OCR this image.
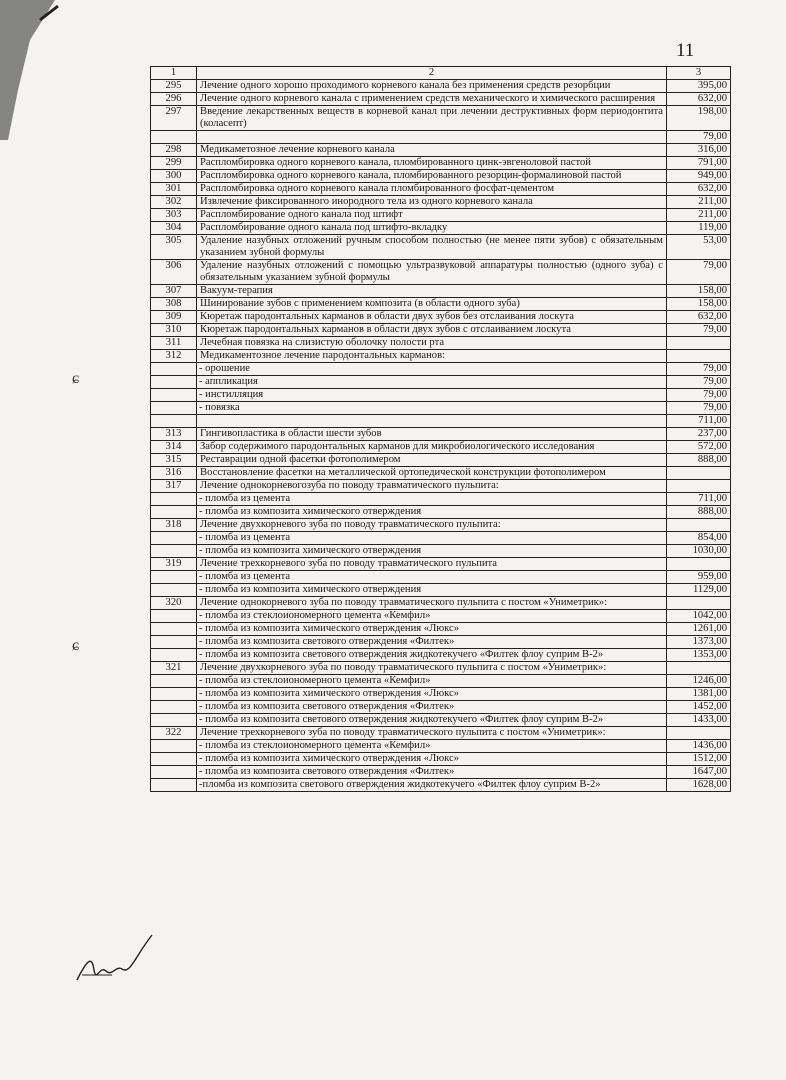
11
1	2	3
295	Лечение одного хорошо проходимого корневого канала без применения средств резорбции	395,00
296	Лечение одного корневого канала с применением средств механического и химического расширения	632,00
297	Введение лекарственных веществ в корневой канал при лечении деструктивных форм периодонтита (коласепт)	198,00
		79,00
298	Медикаметозное лечение корневого канала	316,00
299	Распломбировка одного корневого канала, пломбированного цинк-эвгеноловой пастой	791,00
300	Распломбировка одного корневого канала, пломбированного резорцин-формалиновой пастой	949,00
301	Распломбировка одного корневого канала пломбированного фосфат-цементом	632,00
302	Извлечение фиксированного инородного тела из одного корневого канала	211,00
303	Распломбирование одного канала под штифт	211,00
304	Распломбирование одного канала под штифто-вкладку	119,00
305	Удаление назубных отложений ручным способом полностью (не менее пяти зубов) с обязательным указанием зубной формулы	53,00
306	Удаление назубных отложений с помощью ультразвуковой аппаратуры полностью (одного зуба) с обязательным указанием зубной формулы	79,00
307	Вакуум-терапия	158,00
308	Шинирование зубов с применением композита (в области одного зуба)	158,00
309	Кюретаж пародонтальных карманов в области двух зубов без отслаивания лоскута	632,00
310	Кюретаж пародонтальных карманов в области двух зубов с отслаиванием лоскута	79,00
311	Лечебная повязка на слизистую оболочку полости рта	
312	Медикаментозное лечение пародонтальных карманов:	
	- орошение	79,00
	- аппликация	79,00
	- инстилляция	79,00
	- повязка	79,00
		711,00
313	Гингивопластика в области шести зубов	237,00
314	Забор содержимого пародонтальных карманов для микробиологического исследования	572,00
315	Реставрации одной фасетки фотополимером	888,00
316	Восстановление фасетки на металлической ортопедической конструкции фотополимером	
317	Лечение однокорневогозуба по поводу травматического пульпита:	
	- пломба из цемента	711,00
	- пломба из композита химического отверждения	888,00
318	Лечение двухкорневого зуба по поводу травматического пульпита:	
	- пломба из цемента	854,00
	- пломба из композита химического отверждения	1030,00
319	Лечение трехкорневого зуба по поводу травматического пульпита	
	- пломба из цемента	959,00
	- пломба из композита химического отверждения	1129,00
320	Лечение однокорневого зуба по поводу травматического пульпита с постом «Униметрик»:	
	- пломба из стеклоиономерного цемента «Кемфил»	1042,00
	- пломба из композита химического отверждения «Люкс»	1261,00
	- пломба из композита светового отверждения «Филтек»	1373,00
	- пломба из композита светового отверждения жидкотекучего «Филтек флоу суприм В-2»	1353,00
321	Лечение двухкорневого зуба по поводу травматического пульпита с постом «Униметрик»:	
	- пломба из стеклоиономерного цемента «Кемфил»	1246,00
	- пломба из композита химического отверждения «Люкс»	1381,00
	- пломба из композита светового отверждения «Филтек»	1452,00
	- пломба из композита светового отверждения жидкотекучего «Филтек флоу суприм В-2»	1433,00
322	Лечение трехкорневого зуба по поводу травматического пульпита с постом «Униметрик»:	
	- пломба из стеклоиономерного цемента «Кемфил»	1436,00
	- пломба из композита химического отверждения «Люкс»	1512,00
	- пломба из композита светового отверждения «Филтек»	1647,00
	-пломба из композита светового отверждения жидкотекучего «Филтек флоу суприм В-2»	1628,00
ɕ
ɕ
